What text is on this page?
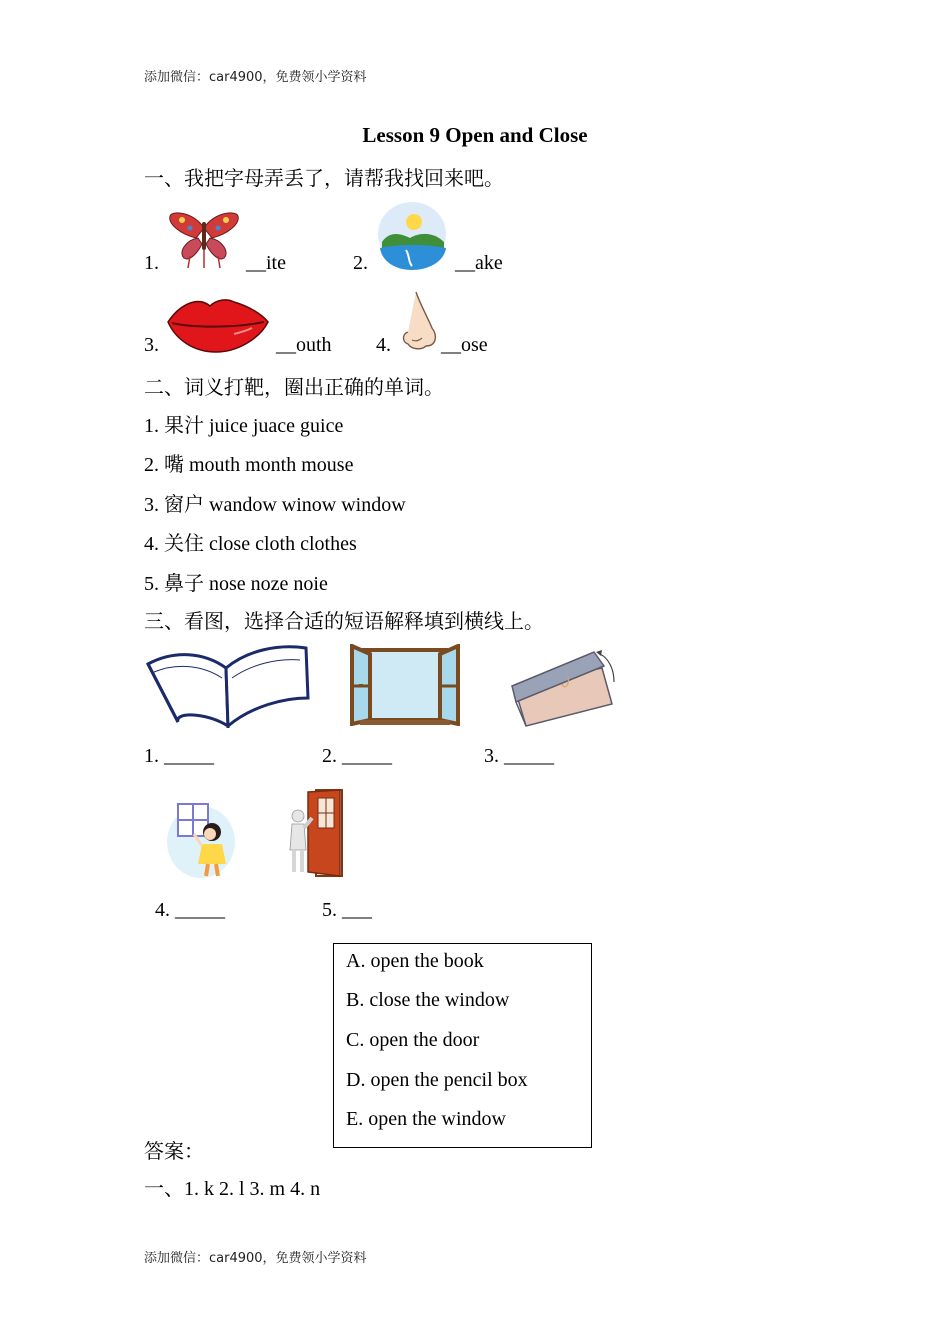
添加微信：car4900，免费领小学资料
Lesson 9 Open and Close
一、我把字母弄丢了，请帮我找回来吧。
1.	__ite	2.	__ake
3.	__outh 4.	__ose
二、词义打靶，圈出正确的单词。
1. 果汁 juice juace guice
2. 嘴 mouth month mouse
3. 窗户 wandow winow window
4. 关住 close cloth clothes
5. 鼻子 nose noze noie
三、看图，选择合适的短语解释填到横线上。
1. _____	2. _____	3. _____
4. _____	5. ___
A. open the book
B. close the window
C. open the door
D. open the pencil box
E. open the window
答案：
一、1. k 2. l 3. m 4. n
添加微信：car4900，免费领小学资料
